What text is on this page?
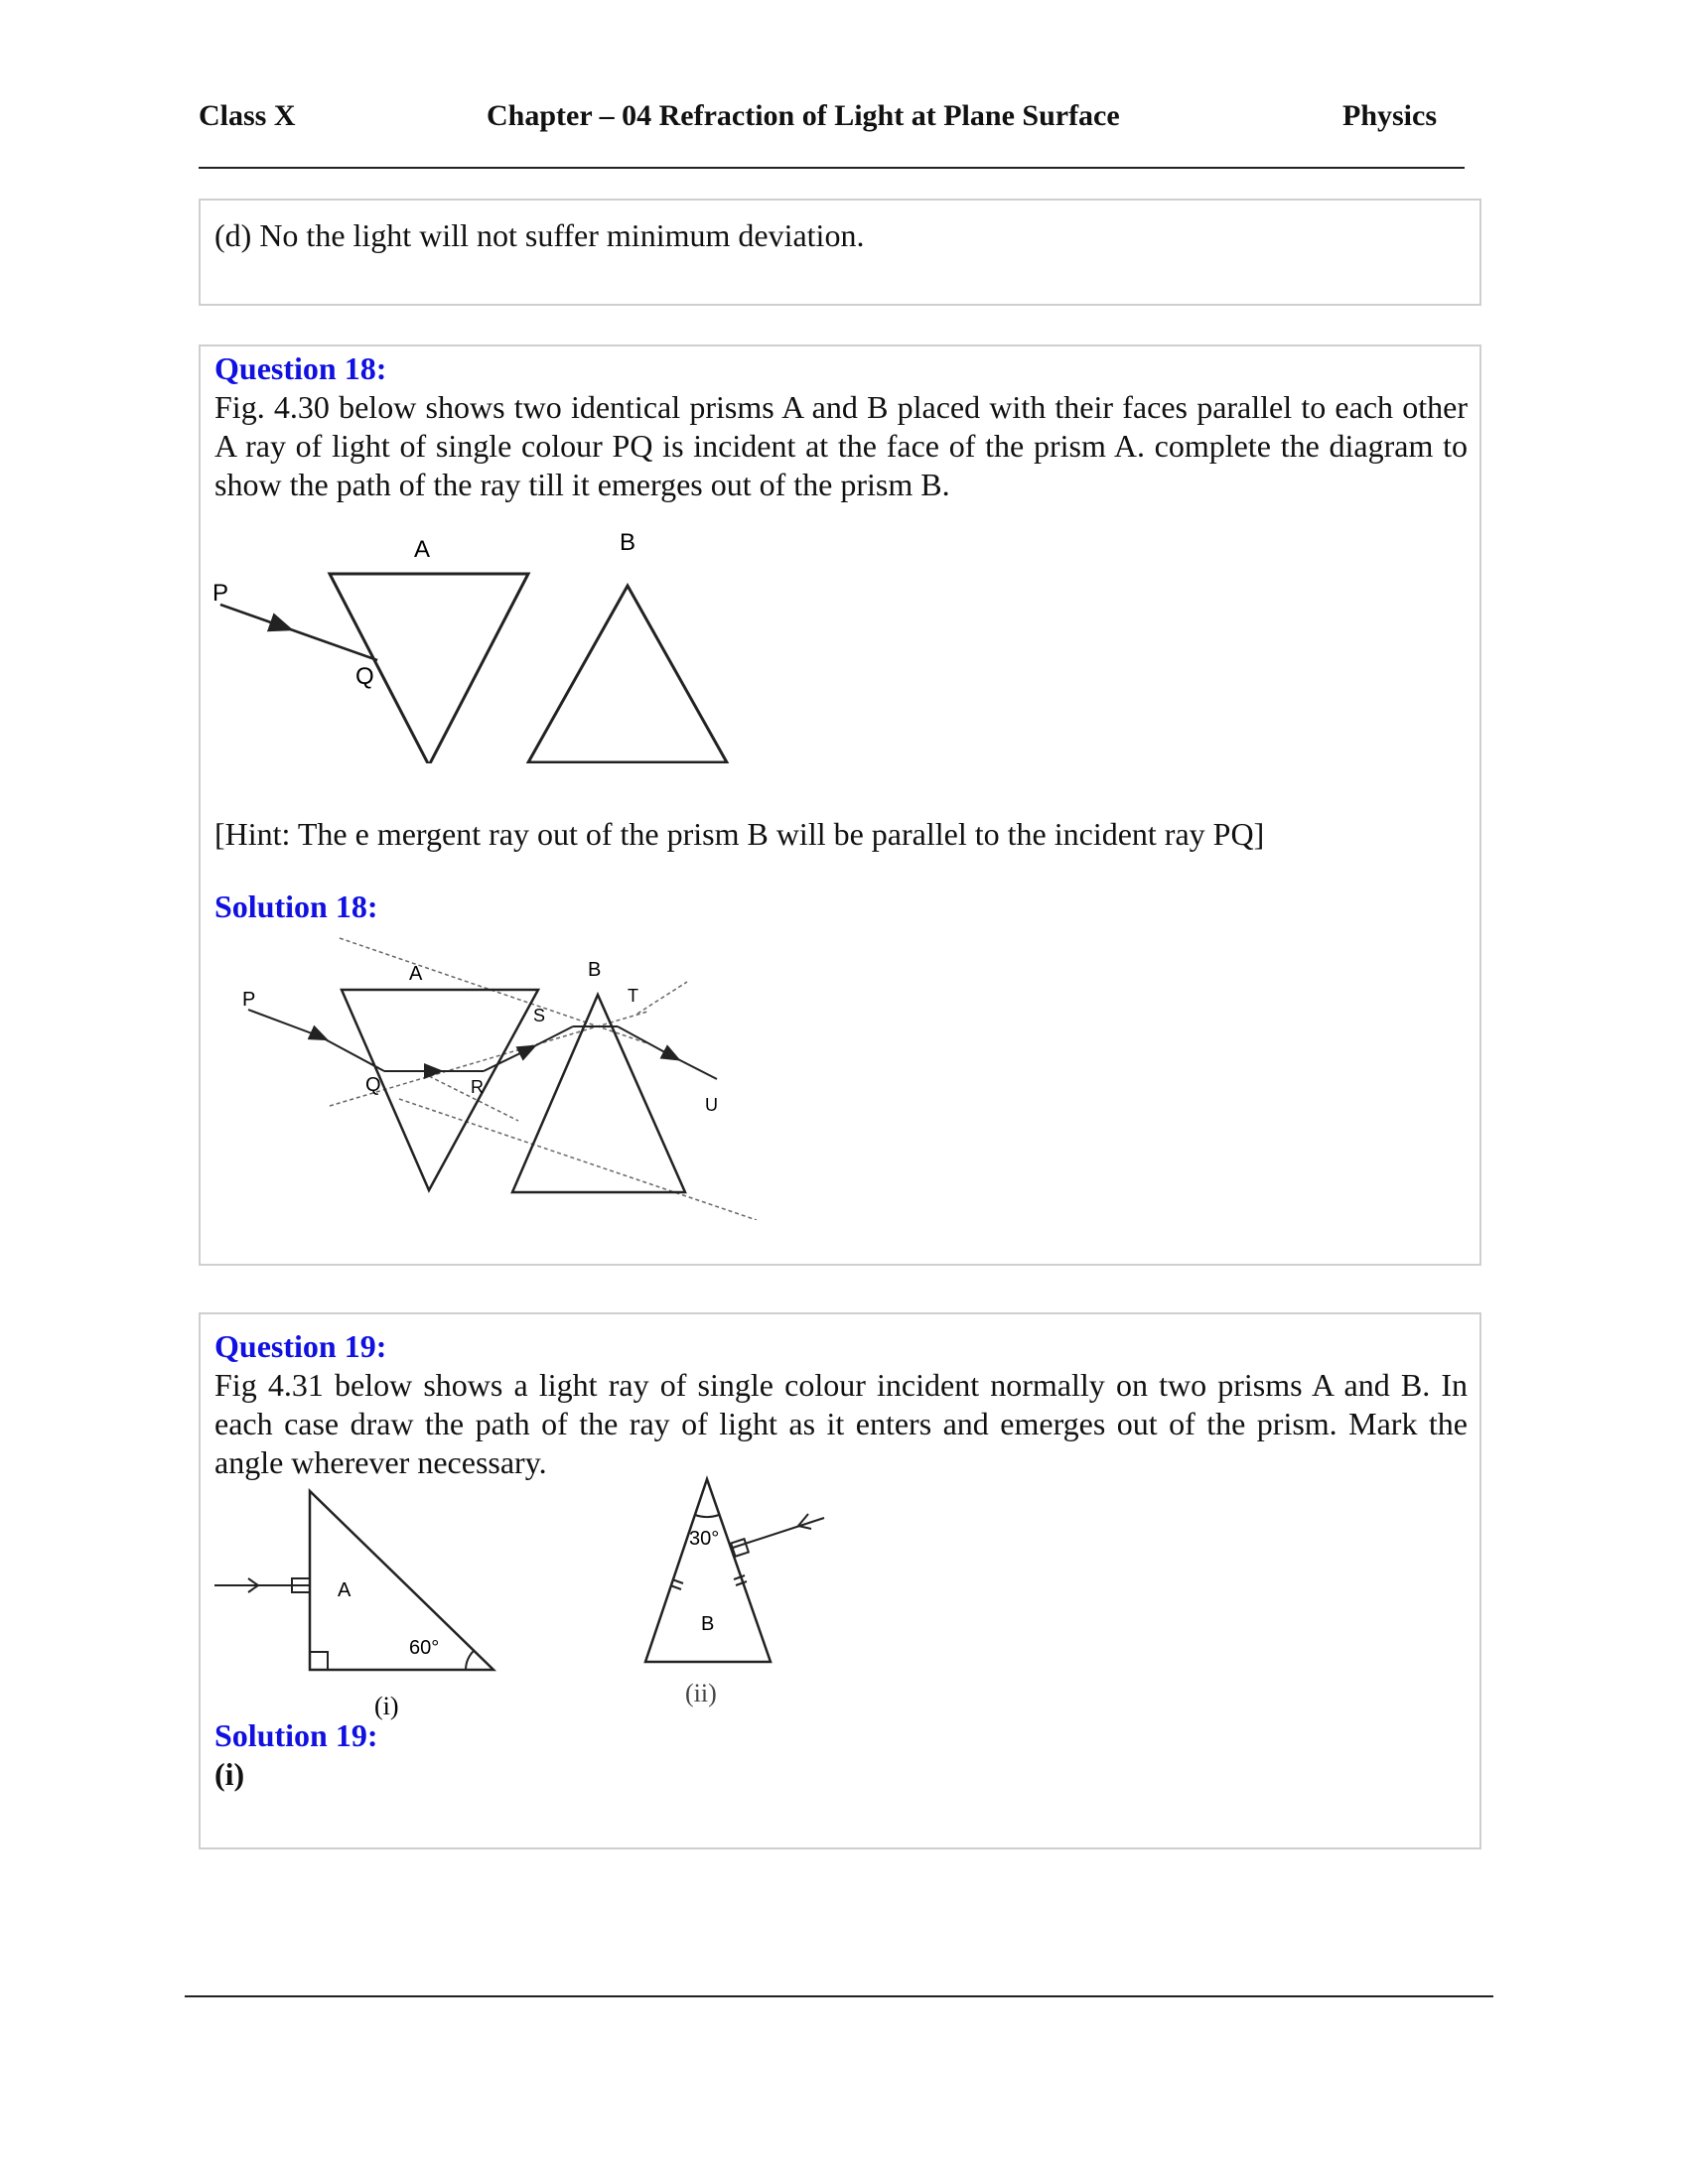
Class X	Chapter – 04 Refraction of Light at Plane Surface	Physics
(d) No the light will not suffer minimum deviation.
Question 18:
Fig. 4.30 below shows two identical prisms A and B placed with their faces parallel to each other A ray of light of single colour PQ is incident at the face of the prism A. complete the diagram to show the path of the ray till it emerges out of the prism B.
A	B
P
Q
[Hint: The e mergent ray out of the prism B will be parallel to the incident ray PQ]
Solution 18:
A	B
P
Q	R
S
T
U
Question 19:
Fig 4.31 below shows a light ray of single colour incident normally on two prisms A and B. In each case draw the path of the ray of light as it enters and emerges out of the prism. Mark the angle wherever necessary.
A
60°
(i)
30°
B
(ii)
Solution 19:
(i)
